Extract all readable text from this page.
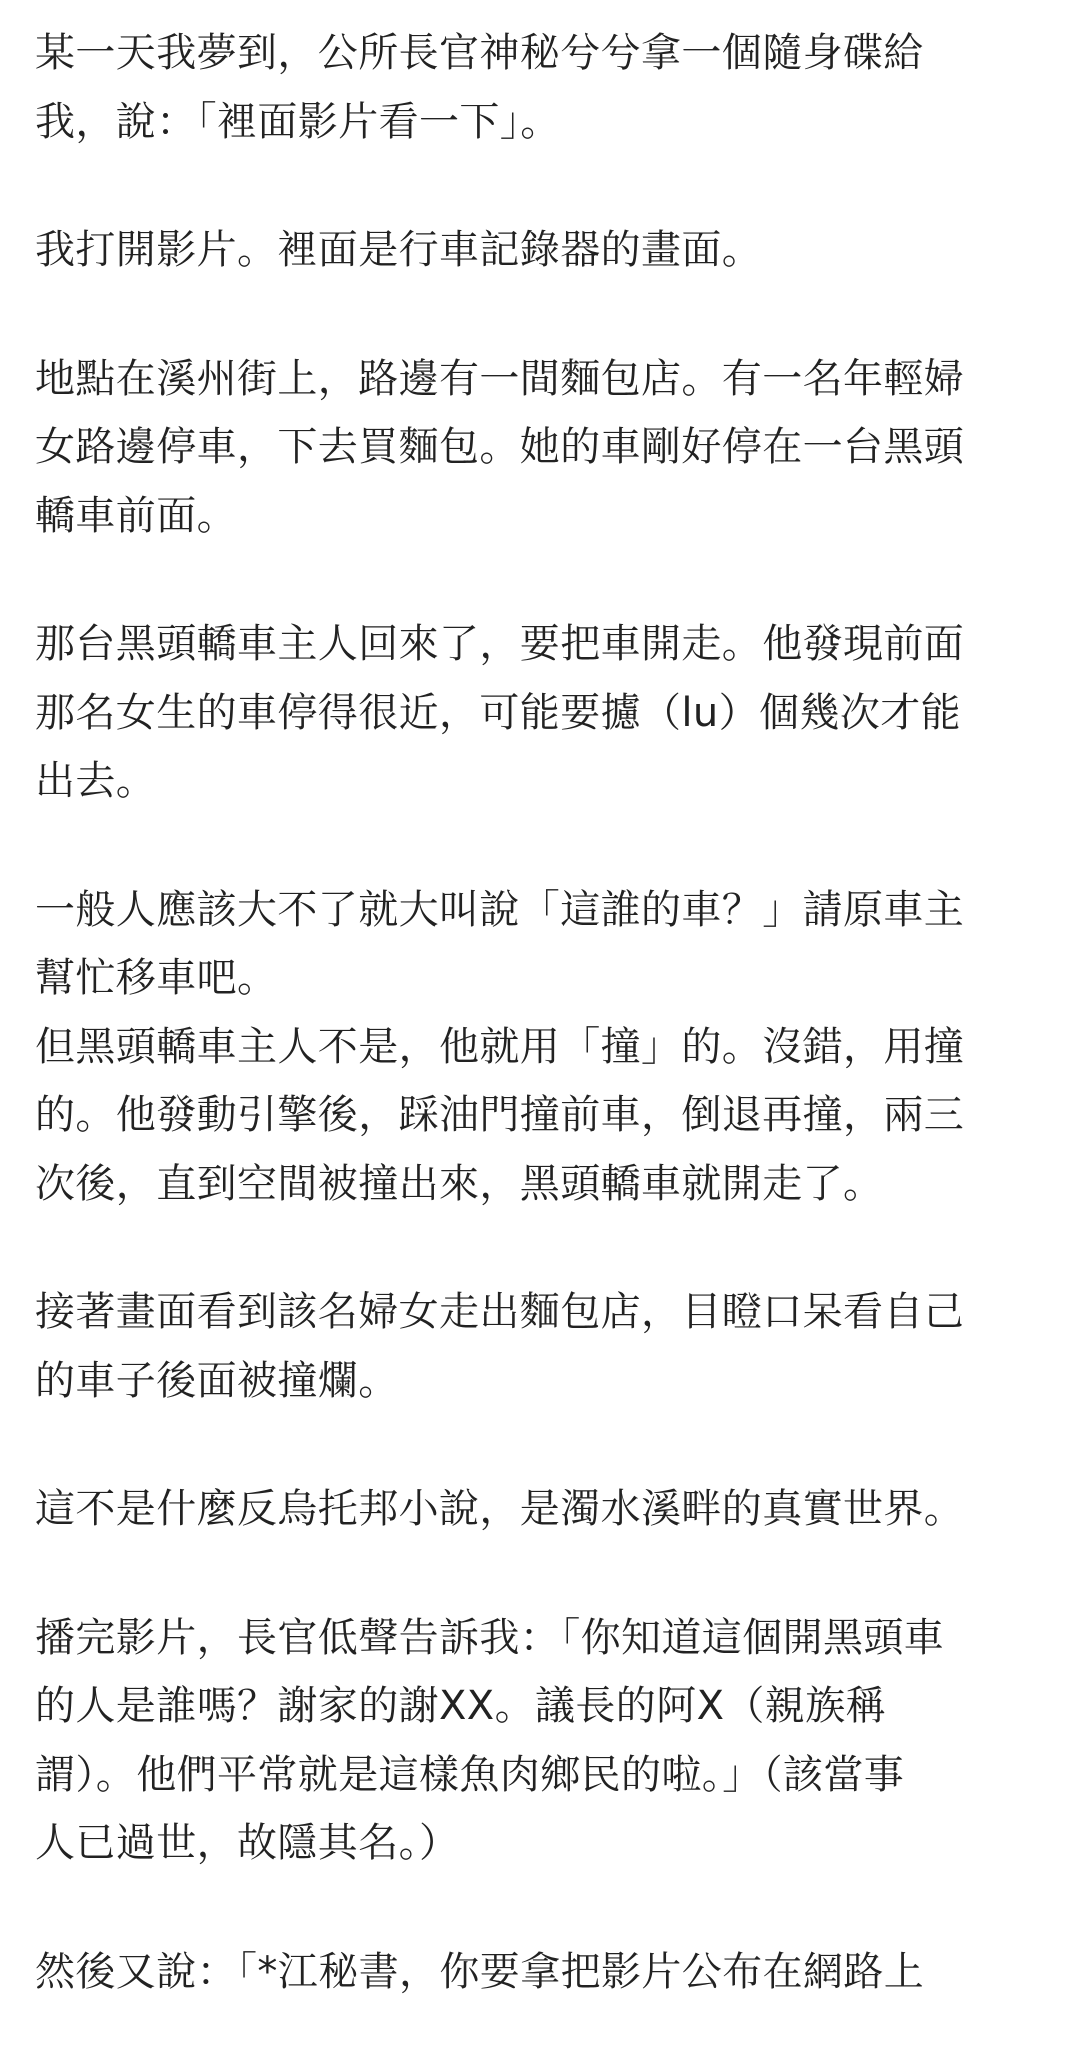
某一天我夢到，公所長官神秘兮兮拿一個隨身碟給
我，說：「裡面影片看一下」。

我打開影片。裡面是行車記錄器的畫面。

地點在溪州街上，路邊有一間麵包店。有一名年輕婦
女路邊停車，下去買麵包。她的車剛好停在一台黑頭
轎車前面。

那台黑頭轎車主人回來了，要把車開走。他發現前面
那名女生的車停得很近，可能要攄（lu）個幾次才能
出去。

一般人應該大不了就大叫說「這誰的車？」請原車主
幫忙移車吧。

但黑頭轎車主人不是，他就用「撞」的。沒錯，用撞
的。他發動引擎後，踩油門撞前車，倒退再撞，兩三
次後，直到空間被撞出來，黑頭轎車就開走了。

接著畫面看到該名婦女走出麵包店，目瞪口呆看自己
的車子後面被撞爛。

這不是什麼反烏托邦小說，是濁水溪畔的真實世界。

播完影片，長官低聲告訴我：「你知道這個開黑頭車
的人是誰嗎？謝家的謝XX。議長的阿X（親族稱
謂）。他們平常就是這樣魚肉鄉民的啦。」（該當事
人已過世，故隱其名。）

然後又說：「*江秘書，你要拿把影片公布在網路上
